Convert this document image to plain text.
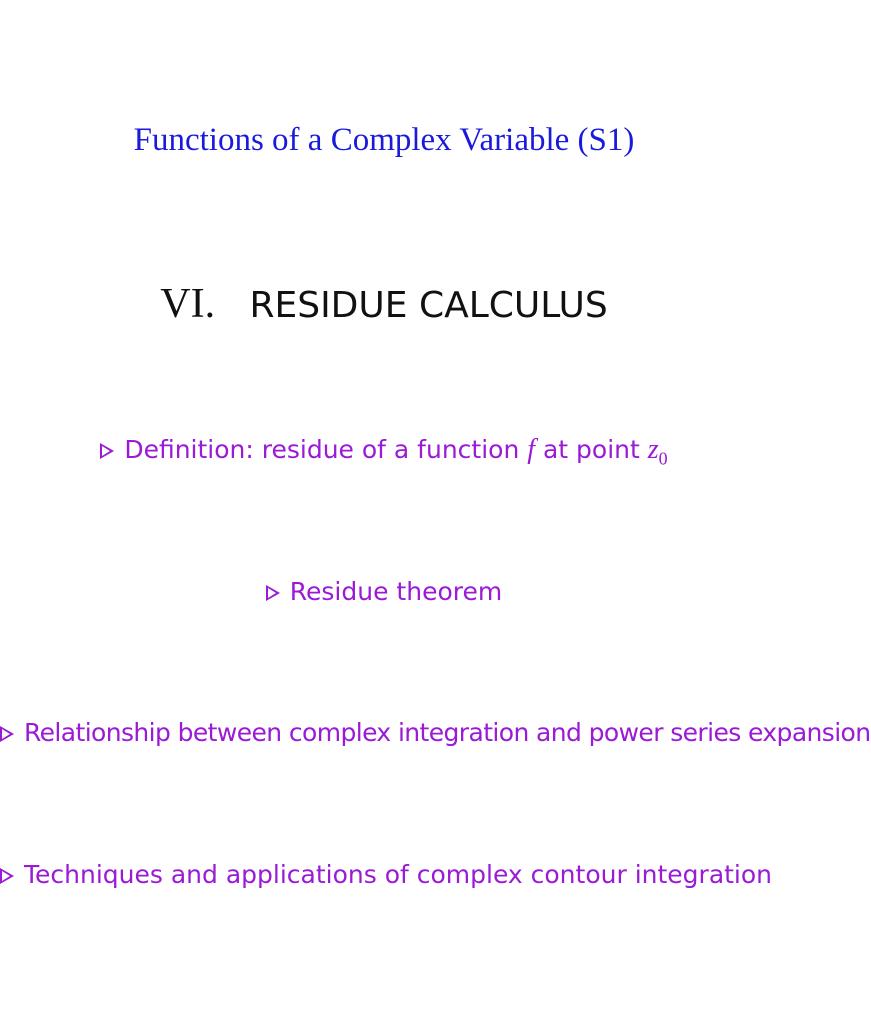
Functions of a Complex Variable (S1)
VI. RESIDUE CALCULUS
Definition: residue of a function f at point $z_0$
Residue theorem
Relationship between complex integration and power series expansion
Techniques and applications of complex contour integration
